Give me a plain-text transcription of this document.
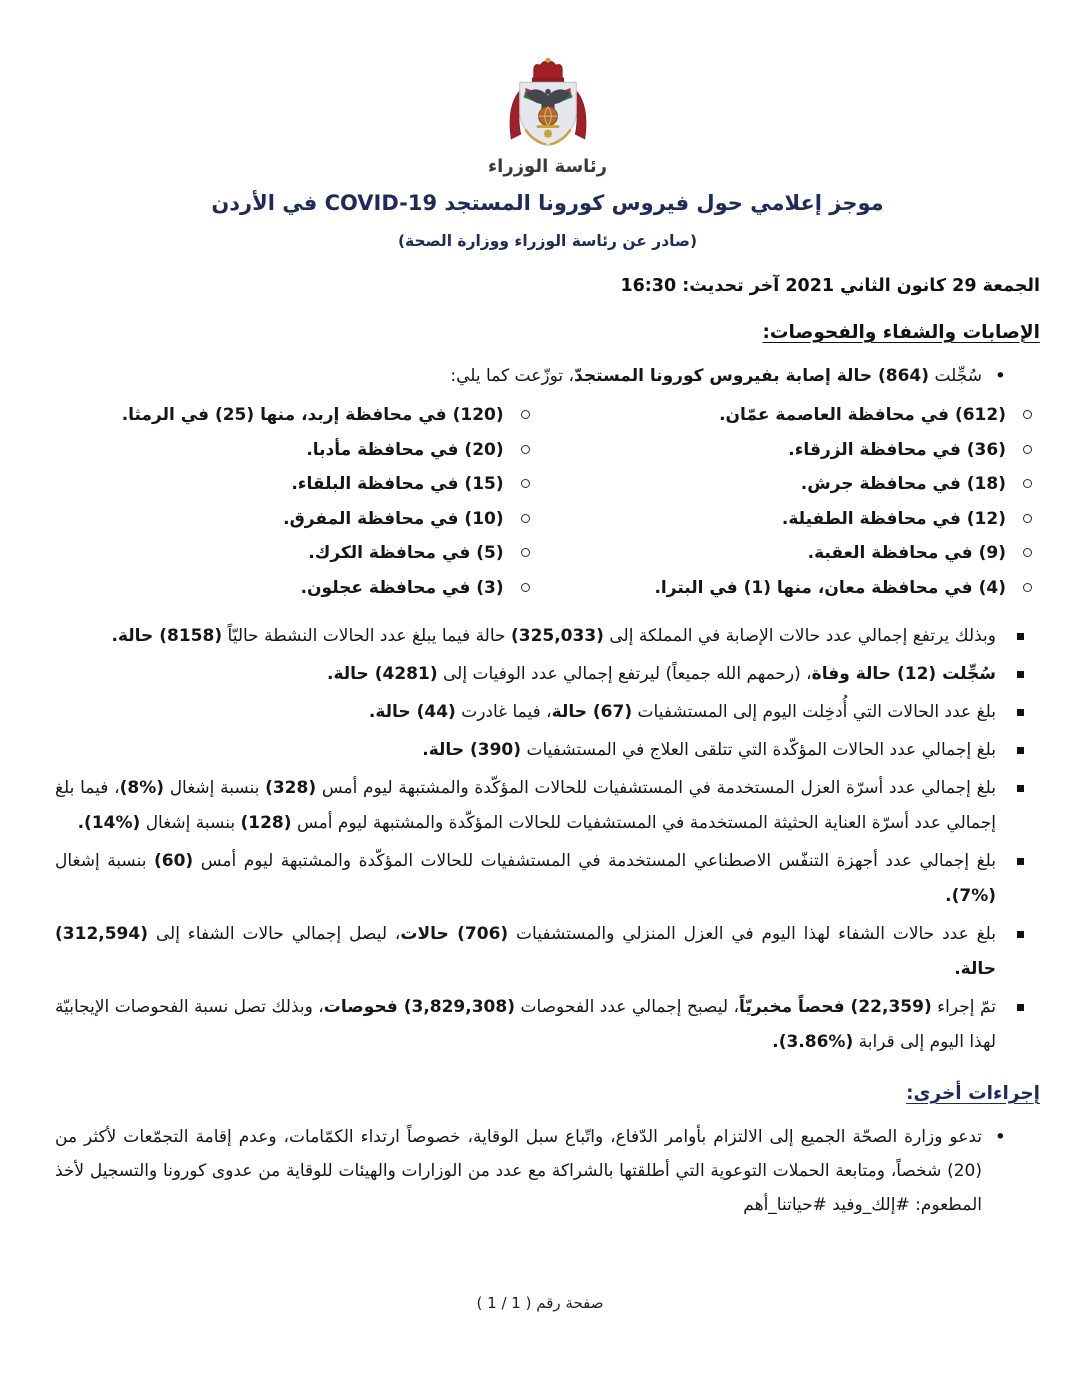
رئاسة الوزراء
موجز إعلامي حول فيروس كورونا المستجد COVID-19 في الأردن
(صادر عن رئاسة الوزراء ووزارة الصحة)
الجمعة 29 كانون الثاني 2021 آخر تحديث: 16:30
الإصابات والشفاء والفحوصات:
•
سُجِّلت (864) حالة إصابة بفيروس كورونا المستجدّ، توزّعت كما يلي:
(612) في محافظة العاصمة عمّان.
(36) في محافظة الزرقاء.
(18) في محافظة جرش.
(12) في محافظة الطفيلة.
(9) في محافظة العقبة.
(4) في محافظة معان، منها (1) في البترا.
(120) في محافظة إربد، منها (25) في الرمثا.
(20) في محافظة مأدبا.
(15) في محافظة البلقاء.
(10) في محافظة المفرق.
(5) في محافظة الكرك.
(3) في محافظة عجلون.
وبذلك يرتفع إجمالي عدد حالات الإصابة في المملكة إلى (325,033) حالة فيما يبلغ عدد الحالات النشطة حاليّاً (8158) حالة.
سُجِّلت (12) حالة وفاة، (رحمهم الله جميعاً) ليرتفع إجمالي عدد الوفيات إلى (4281) حالة.
بلغ عدد الحالات التي أُدخِلت اليوم إلى المستشفيات (67) حالة، فيما غادرت (44) حالة.
بلغ إجمالي عدد الحالات المؤكّدة التي تتلقى العلاج في المستشفيات (390) حالة.
بلغ إجمالي عدد أسرّة العزل المستخدمة في المستشفيات للحالات المؤكّدة والمشتبهة ليوم أمس (328) بنسبة إشغال (%8)، فيما بلغ إجمالي عدد أسرّة العناية الحثيثة المستخدمة في المستشفيات للحالات المؤكّدة والمشتبهة ليوم أمس (128) بنسبة إشغال (%14).
بلغ إجمالي عدد أجهزة التنفّس الاصطناعي المستخدمة في المستشفيات للحالات المؤكّدة والمشتبهة ليوم أمس (60) بنسبة إشغال (%7).
بلغ عدد حالات الشفاء لهذا اليوم في العزل المنزلي والمستشفيات (706) حالات، ليصل إجمالي حالات الشفاء إلى (312,594) حالة.
تمّ إجراء (22,359) فحصاً مخبريّاً، ليصبح إجمالي عدد الفحوصات (3,829,308) فحوصات، وبذلك تصل نسبة الفحوصات الإيجابيّة لهذا اليوم إلى قرابة (%3.86).
إجراءات أخرى:
•
تدعو وزارة الصحّة الجميع إلى الالتزام بأوامر الدّفاع، واتّباع سبل الوقاية، خصوصاً ارتداء الكمّامات، وعدم إقامة التجمّعات لأكثر من (20) شخصاً، ومتابعة الحملات التوعوية التي أطلقتها بالشراكة مع عدد من الوزارات والهيئات للوقاية من عدوى كورونا والتسجيل لأخذ المطعوم: #إلك_وفيد #حياتنا_أهم
صفحة رقم ( 1 / 1 )
